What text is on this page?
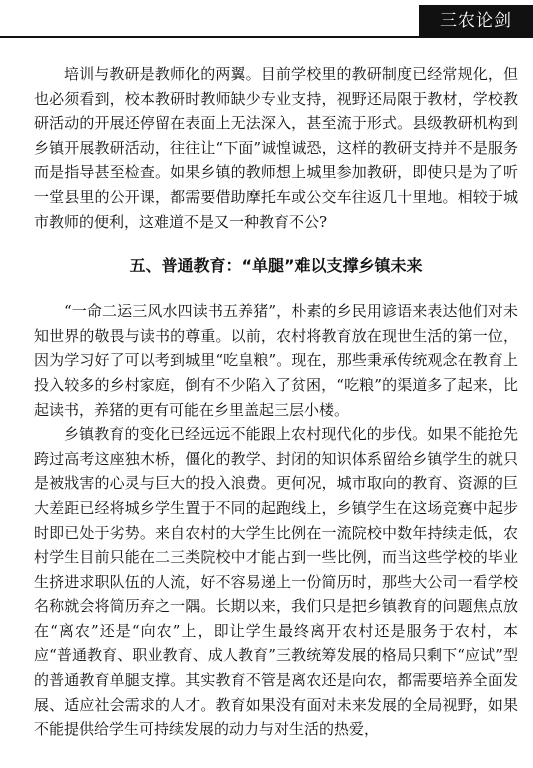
三农论剑

培训与教研是教师化的两翼。目前学校里的教研制度已经常规化，但也必须看到，校本教研时教师缺少专业支持，视野还局限于教材，学校教研活动的开展还停留在表面上无法深入，甚至流于形式。县级教研机构到乡镇开展教研活动，往往让“下面”诚惶诚恐，这样的教研支持并不是服务而是指导甚至检查。如果乡镇的教师想上城里参加教研，即使只是为了听一堂县里的公开课，都需要借助摩托车或公交车往返几十里地。相较于城市教师的便利，这难道不是又一种教育不公?

五、普通教育：“单腿”难以支撑乡镇未来

“一命二运三风水四读书五养猪”，朴素的乡民用谚语来表达他们对未知世界的敬畏与读书的尊重。以前，农村将教育放在现世生活的第一位，因为学习好了可以考到城里“吃皇粮”。现在，那些秉承传统观念在教育上投入较多的乡村家庭，倒有不少陷入了贫困，“吃粮”的渠道多了起来，比起读书，养猪的更有可能在乡里盖起三层小楼。

乡镇教育的变化已经远远不能跟上农村现代化的步伐。如果不能抢先跨过高考这座独木桥，僵化的教学、封闭的知识体系留给乡镇学生的就只是被戕害的心灵与巨大的投入浪费。更何况，城市取向的教育、资源的巨大差距已经将城乡学生置于不同的起跑线上，乡镇学生在这场竞赛中起步时即已处于劣势。来自农村的大学生比例在一流院校中数年持续走低，农村学生目前只能在二三类院校中才能占到一些比例，而当这些学校的毕业生挤进求职队伍的人流，好不容易递上一份简历时，那些大公司一看学校名称就会将简历弃之一隅。长期以来，我们只是把乡镇教育的问题焦点放在“离农”还是“向农”上，即让学生最终离开农村还是服务于农村，本应“普通教育、职业教育、成人教育”三教统筹发展的格局只剩下“应试”型的普通教育单腿支撑。其实教育不管是离农还是向农，都需要培养全面发展、适应社会需求的人才。教育如果没有面对未来发展的全局视野，如果不能提供给学生可持续发展的动力与对生活的热爱，
